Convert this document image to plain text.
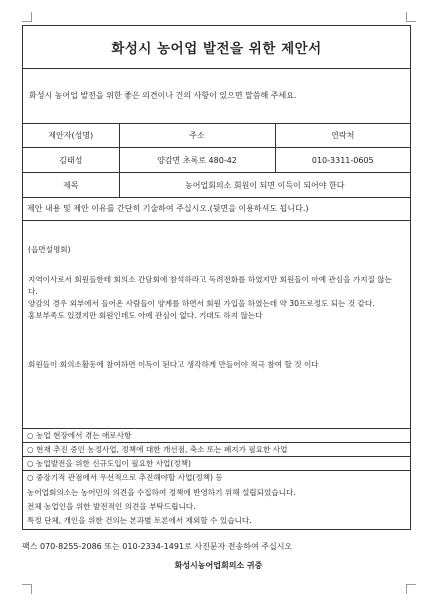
화성시 농어업 발전을 위한 제안서
화성시 농어업 발전을 위한 좋은 의견이나 건의 사항이 있으면 말씀해 주세요.
제안자(성명)	주소	연락처
김태성	양감면 초록로 480-42	010-3311-0605
제목	농어업회의소 회원이 되면 이득이 되어야 한다	
제안 내용 및 제안 이유를 간단히 기술하여 주십시오.(뒷면을 이용하셔도 됩니다.)

(읍면설명회)

지역이사로서 회원들한테 회의소 간담회에 참석하라고 독려전화를 하였지만 회원들이 아예 관심을 가지질 않는다.

양감의 경우 외부에서 들어온 사람들이 양계를 하면서 회원 가입을 하였는데 약 30프로정도 되는 것 같다.

홍보부족도 있겠지만 회원인데도 아예 관심이 없다. 기대도 하지 않는다

회원들이 회의소활동에 참여하면 이득이 된다고 생각하게 만들어야 적극 참여 할 것 이다

○ 농업 현장에서 겪는 애로사항
○ 현재 추진 중인 농정사업, 정책에 대한 개선점, 축소 또는 폐지가 필요한 사업
○ 농업발전을 위한 신규도입이 필요한 사업(정책)
○ 중장기적 관점에서 우선적으로 추진해야할 사업(정책) 등

농어업회의소는 농어민의 의견을 수집하여 정책에 반영하기 위해 설립되었습니다.

전체 농업인을 위한 발전적인 의견을 부탁드립니다.

특정 단체, 개인을 위한 건의는 본과별 토론에서 제외할 수 있습니다.

팩스 070-8255-2086 또는 010-2334-1491로 사진문자 전송하여 주십시오
화성시농어업회의소 귀중
